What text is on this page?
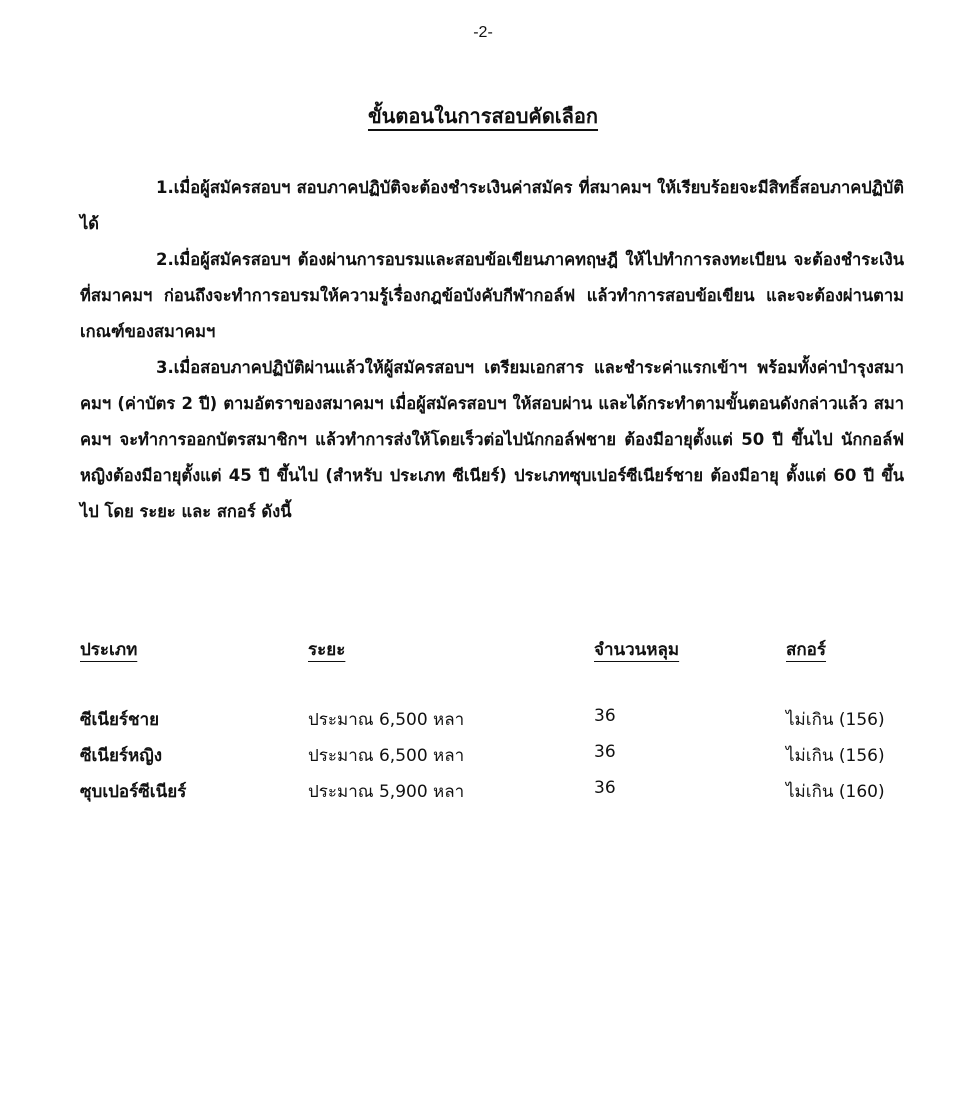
-2-
ขั้นตอนในการสอบคัดเลือก

1.เมื่อผู้สมัครสอบฯ สอบภาคปฏิบัติจะต้องชำระเงินค่าสมัคร ที่สมาคมฯ ให้เรียบร้อยจะมีสิทธิ์สอบภาคปฏิบัติได้

2.เมื่อผู้สมัครสอบฯ ต้องผ่านการอบรมและสอบข้อเขียนภาคทฤษฎี ให้ไปทำการลงทะเบียน จะต้องชำระเงินที่สมาคมฯ ก่อนถึงจะทำการอบรมให้ความรู้เรื่องกฎข้อบังคับกีฬากอล์ฟ แล้วทำการสอบข้อเขียน และจะต้องผ่านตามเกณฑ์ของสมาคมฯ

3.เมื่อสอบภาคปฏิบัติผ่านแล้วให้ผู้สมัครสอบฯ เตรียมเอกสาร และชำระค่าแรกเข้าฯ พร้อมทั้งค่าบำรุงสมาคมฯ (ค่าบัตร 2 ปี) ตามอัตราของสมาคมฯ เมื่อผู้สมัครสอบฯ ให้สอบผ่าน และได้กระทำตามขั้นตอนดังกล่าวแล้ว สมาคมฯ จะทำการออกบัตรสมาชิกฯ แล้วทำการส่งให้โดยเร็วต่อไปนักกอล์ฟชาย ต้องมีอายุตั้งแต่ 50 ปี ขึ้นไป นักกอล์ฟหญิงต้องมีอายุตั้งแต่ 45 ปี ขึ้นไป (สำหรับ ประเภท ซีเนียร์) ประเภทซุบเปอร์ซีเนียร์ชาย ต้องมีอายุ ตั้งแต่ 60 ปี ขึ้นไป โดย ระยะ และ สกอร์ ดังนี้

ประเภท	ระยะ	จำนวนหลุม	สกอร์
ซีเนียร์ชาย	ประมาณ 6,500 หลา	36	ไม่เกิน (156)
ซีเนียร์หญิง	ประมาณ 6,500 หลา	36	ไม่เกิน (156)
ซุบเปอร์ซีเนียร์	ประมาณ 5,900 หลา	36	ไม่เกิน (160)
